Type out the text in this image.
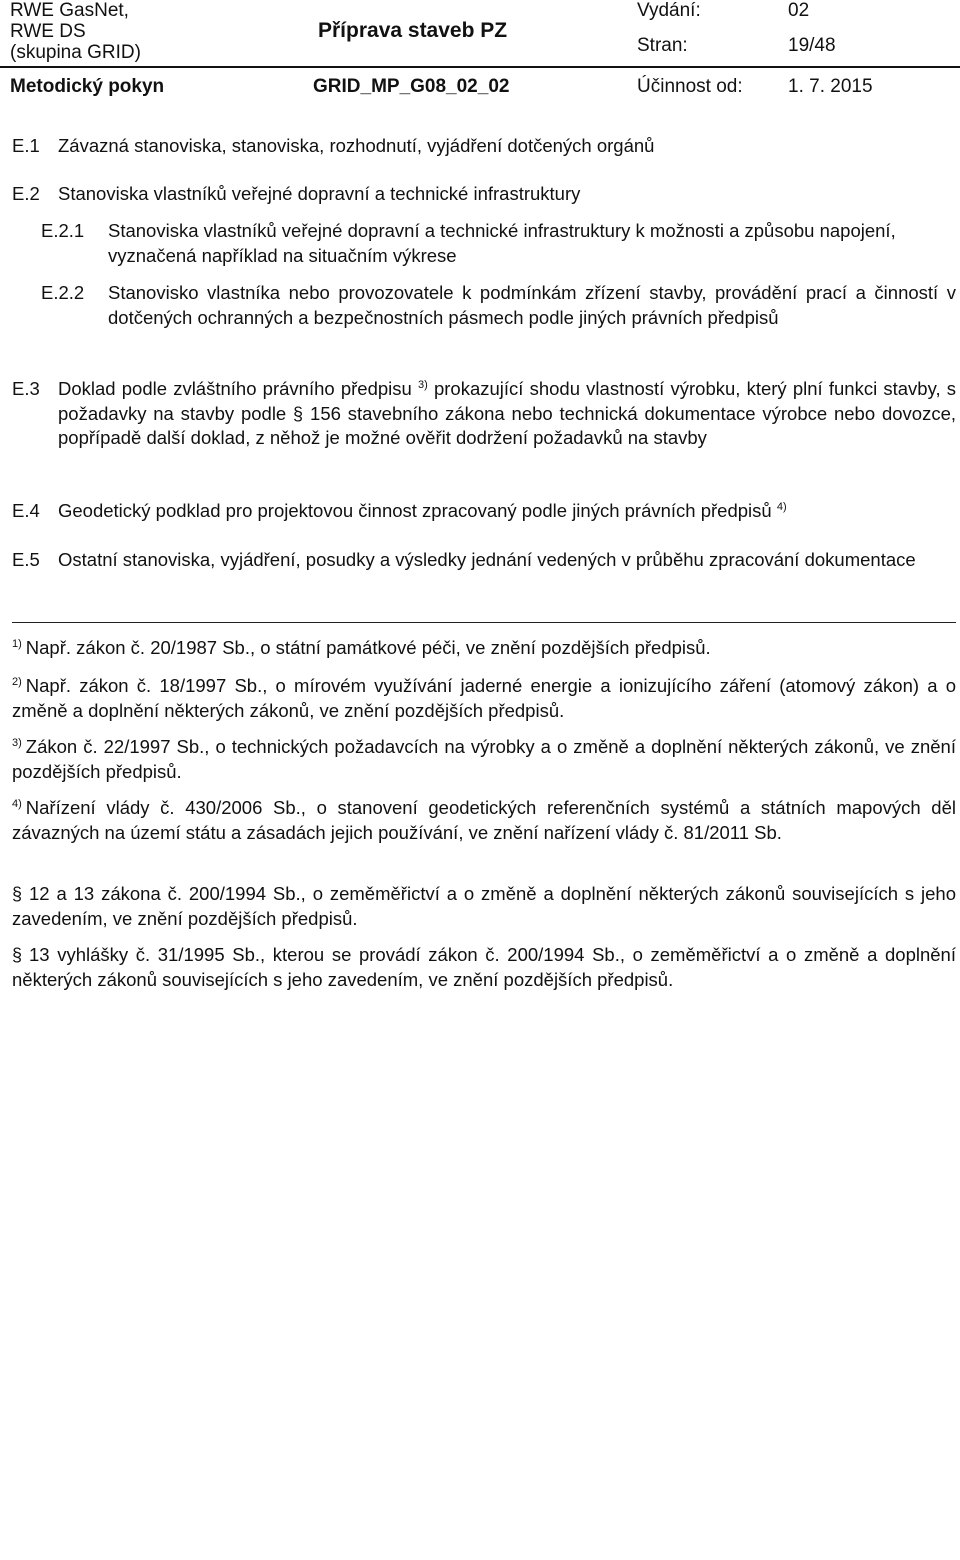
RWE GasNet,
RWE DS
(skupina GRID)
Příprava staveb PZ
Vydání:	02
Stran:	19/48
Metodický pokyn	GRID_MP_G08_02_02	Účinnost od: 1. 7. 2015
E.1 Závazná stanoviska, stanoviska, rozhodnutí, vyjádření dotčených orgánů
E.2 Stanoviska vlastníků veřejné dopravní a technické infrastruktury
E.2.1 Stanoviska vlastníků veřejné dopravní a technické infrastruktury k možnosti a způsobu napojení, vyznačená například na situačním výkrese
E.2.2 Stanovisko vlastníka nebo provozovatele k podmínkám zřízení stavby, provádění prací a činností v dotčených ochranných a bezpečnostních pásmech podle jiných právních předpisů
E.3 Doklad podle zvláštního právního předpisu $^{3)}$ prokazující shodu vlastností výrobku, který plní funkci stavby, s požadavky na stavby podle § 156 stavebního zákona nebo technická dokumentace výrobce nebo dovozce, popřípadě další doklad, z něhož je možné ověřit dodržení požadavků na stavby
E.4 Geodetický podklad pro projektovou činnost zpracovaný podle jiných právních předpisů $^{4)}$
E.5 Ostatní stanoviska, vyjádření, posudky a výsledky jednání vedených v průběhu zpracování dokumentace
$^{1)}$ Např. zákon č. 20/1987 Sb., o státní památkové péči, ve znění pozdějších předpisů.
$^{2)}$ Např. zákon č. 18/1997 Sb., o mírovém využívání jaderné energie a ionizujícího záření (atomový zákon) a o změně a doplnění některých zákonů, ve znění pozdějších předpisů.
$^{3)}$ Zákon č. 22/1997 Sb., o technických požadavcích na výrobky a o změně a doplnění některých zákonů, ve znění pozdějších předpisů.
$^{4)}$ Nařízení vlády č. 430/2006 Sb., o stanovení geodetických referenčních systémů a státních mapových děl závazných na území státu a zásadách jejich používání, ve znění nařízení vlády č. 81/2011 Sb.
§ 12 a 13 zákona č. 200/1994 Sb., o zeměměřictví a o změně a doplnění některých zákonů souvisejících s jeho zavedením, ve znění pozdějších předpisů.
§ 13 vyhlášky č. 31/1995 Sb., kterou se provádí zákon č. 200/1994 Sb., o zeměměřictví a o změně a doplnění některých zákonů souvisejících s jeho zavedením, ve znění pozdějších předpisů.
